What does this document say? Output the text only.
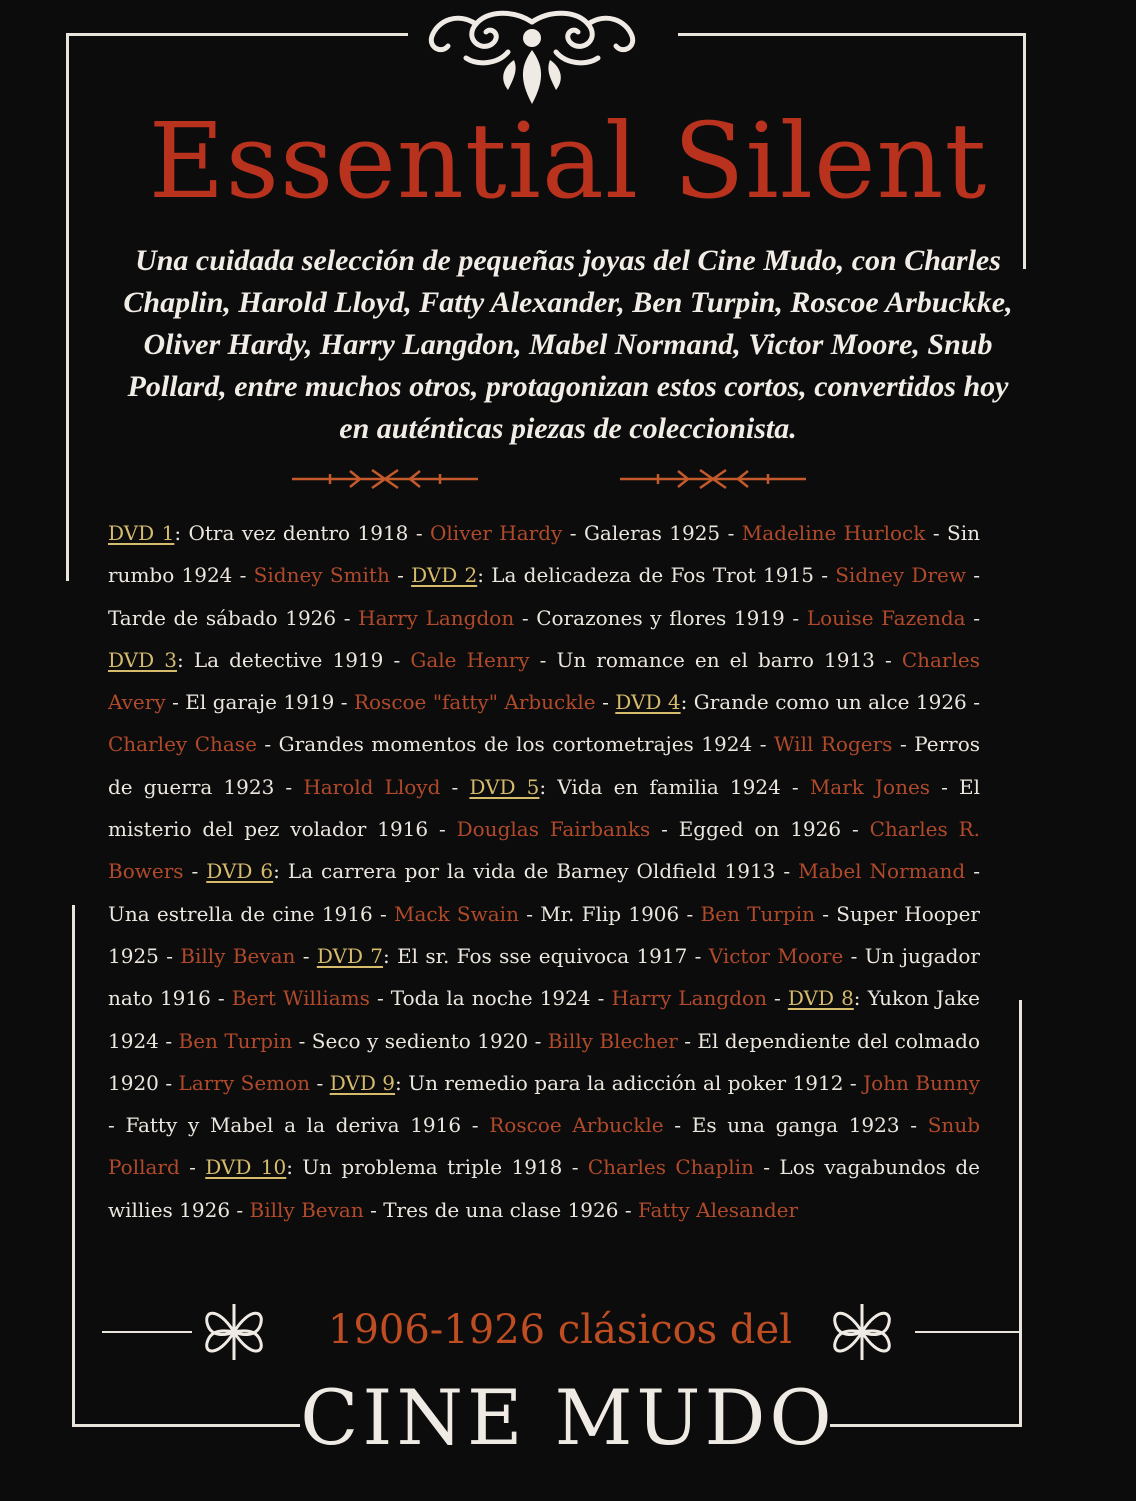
Essential Silent
Una cuidada selección de pequeñas joyas del Cine Mudo, con Charles Chaplin, Harold Lloyd, Fatty Alexander, Ben Turpin, Roscoe Arbuckke, Oliver Hardy, Harry Langdon, Mabel Normand, Victor Moore, Snub Pollard, entre muchos otros, protagonizan estos cortos, convertidos hoy en auténticas piezas de coleccionista.
DVD 1: Otra vez dentro 1918 - Oliver Hardy - Galeras 1925 - Madeline Hurlock - Sin rumbo 1924 - Sidney Smith - DVD 2: La delicadeza de Fos Trot 1915 - Sidney Drew - Tarde de sábado 1926 - Harry Langdon - Corazones y flores 1919 - Louise Fazenda - DVD 3: La detective 1919 - Gale Henry - Un romance en el barro 1913 - Charles Avery - El garaje 1919 - Roscoe "fatty" Arbuckle - DVD 4: Grande como un alce 1926 - Charley Chase - Grandes momentos de los cortometrajes 1924 - Will Rogers - Perros de guerra 1923 - Harold Lloyd - DVD 5: Vida en familia 1924 - Mark Jones - El misterio del pez volador 1916 - Douglas Fairbanks - Egged on 1926 - Charles R. Bowers - DVD 6: La carrera por la vida de Barney Oldfield 1913 - Mabel Normand - Una estrella de cine 1916 - Mack Swain - Mr. Flip 1906 - Ben Turpin - Super Hooper 1925 - Billy Bevan - DVD 7: El sr. Fos sse equivoca 1917 - Victor Moore - Un jugador nato 1916 - Bert Williams - Toda la noche 1924 - Harry Langdon - DVD 8: Yukon Jake 1924 - Ben Turpin - Seco y sediento 1920 - Billy Blecher - El dependiente del colmado 1920 - Larry Semon - DVD 9: Un remedio para la adicción al poker 1912 - John Bunny - Fatty y Mabel a la deriva 1916 - Roscoe Arbuckle - Es una ganga 1923 - Snub Pollard - DVD 10: Un problema triple 1918 - Charles Chaplin - Los vagabundos de willies 1926 - Billy Bevan - Tres de una clase 1926 - Fatty Alesander
1906-1926 clásicos del
CINE MUDO
